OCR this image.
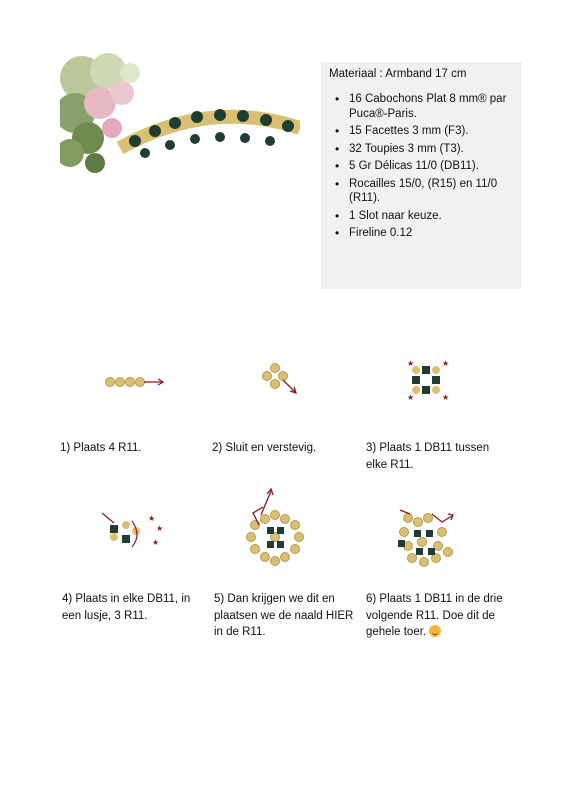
Materiaal : Armband 17 cm
• 16 Cabochons Plat 8 mm® par Puca®-Paris.
• 15 Facettes 3 mm (F3).
• 32 Toupies 3 mm (T3).
• 5 Gr Délicas 11/0 (DB11).
• Rocailles 15/0, (R15) en 11/0 (R11).
• 1 Slot naar keuze.
• Fireline 0.12
★	★
★	★
★
★
★
1) Plaats 4 R11.	2) Sluit en verstevig.	3) Plaats 1 DB11 tussen elke R11.
4) Plaats in elke DB11, in een lusje, 3 R11.
5) Dan krijgen we dit en plaatsen we de naald HIER in de R11.
6) Plaats 1 DB11 in de drie volgende R11. Doe dit de gehele toer.
